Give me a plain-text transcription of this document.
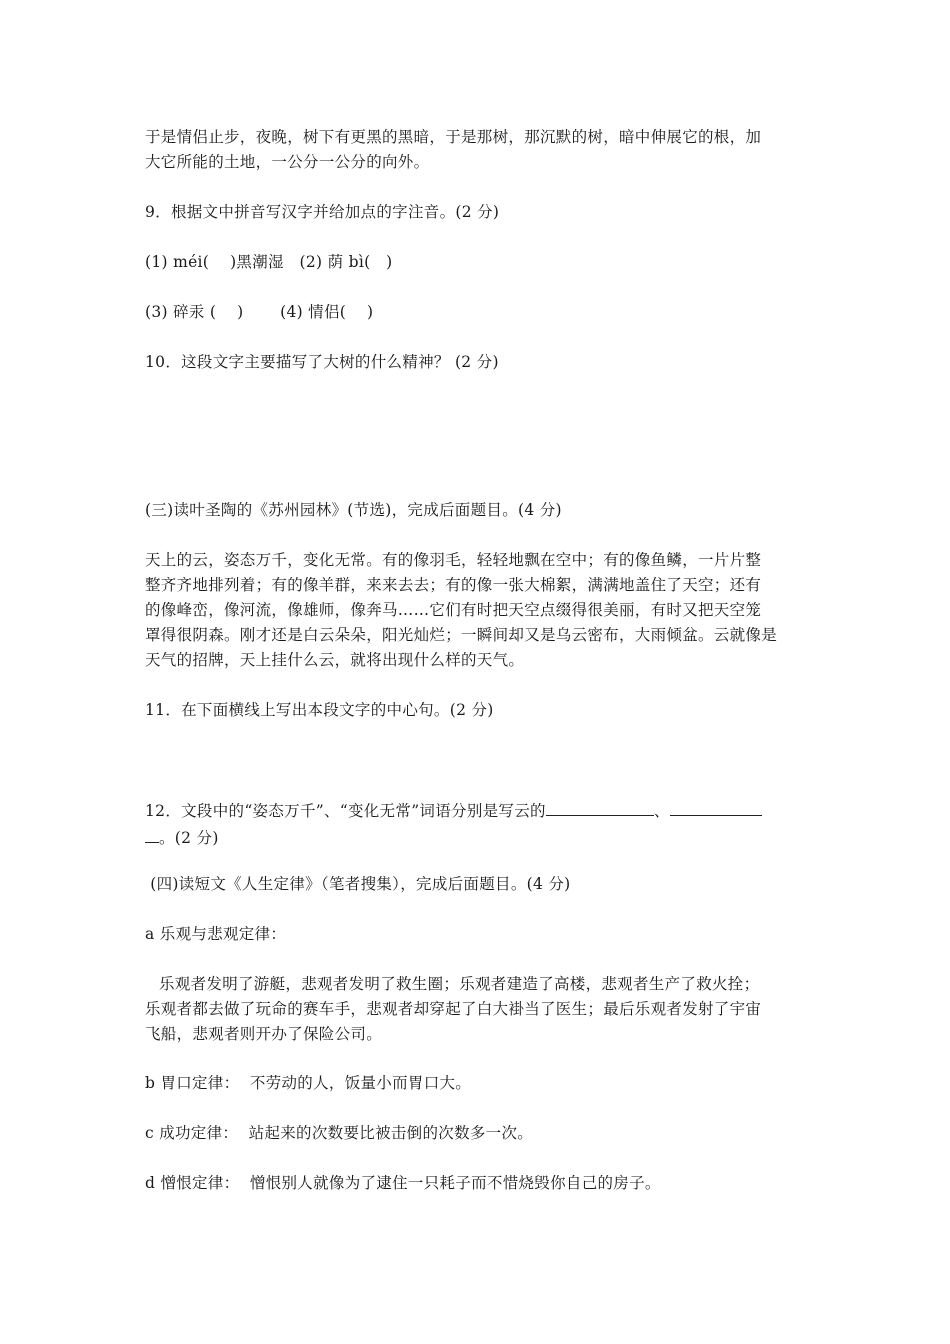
于是情侣止步，夜晚，树下有更黑的黑暗，于是那树，那沉默的树，暗中伸展它的根，加
大它所能的土地，一公分一公分的向外。

9．根据文中拼音写汉字并给加点的字注音。(2 分)

(1) méi(    )黑潮湿   (2) 荫 bì(   )

(3) 碎汞 (    )       (4) 情侣(    )

10．这段文字主要描写了大树的什么精神？ (2 分)

(三)读叶圣陶的《苏州园林》(节选)，完成后面题目。(4 分)

天上的云，姿态万千，变化无常。有的像羽毛，轻轻地飘在空中；有的像鱼鳞，一片片整
整齐齐地排列着；有的像羊群，来来去去；有的像一张大棉絮，满满地盖住了天空；还有
的像峰峦，像河流，像雄师，像奔马……它们有时把天空点缀得很美丽，有时又把天空笼
罩得很阴森。刚才还是白云朵朵，阳光灿烂；一瞬间却又是乌云密布，大雨倾盆。云就像是
天气的招牌，天上挂什么云，就将出现什么样的天气。

11．在下面横线上写出本段文字的中心句。(2 分)

12．文段中的“姿态万千”、“变化无常”词语分别是写云的	、
。(2 分)

(四)读短文《人生定律》（笔者搜集），完成后面题目。(4 分)

a 乐观与悲观定律：

乐观者发明了游艇，悲观者发明了救生圈；乐观者建造了高楼，悲观者生产了救火拴；
乐观者都去做了玩命的赛车手，悲观者却穿起了白大褂当了医生；最后乐观者发射了宇宙
飞船，悲观者则开办了保险公司。

b 胃口定律：  不劳动的人，饭量小而胃口大。

c 成功定律：  站起来的次数要比被击倒的次数多一次。

d 憎恨定律：  憎恨别人就像为了逮住一只耗子而不惜烧毁你自己的房子。
